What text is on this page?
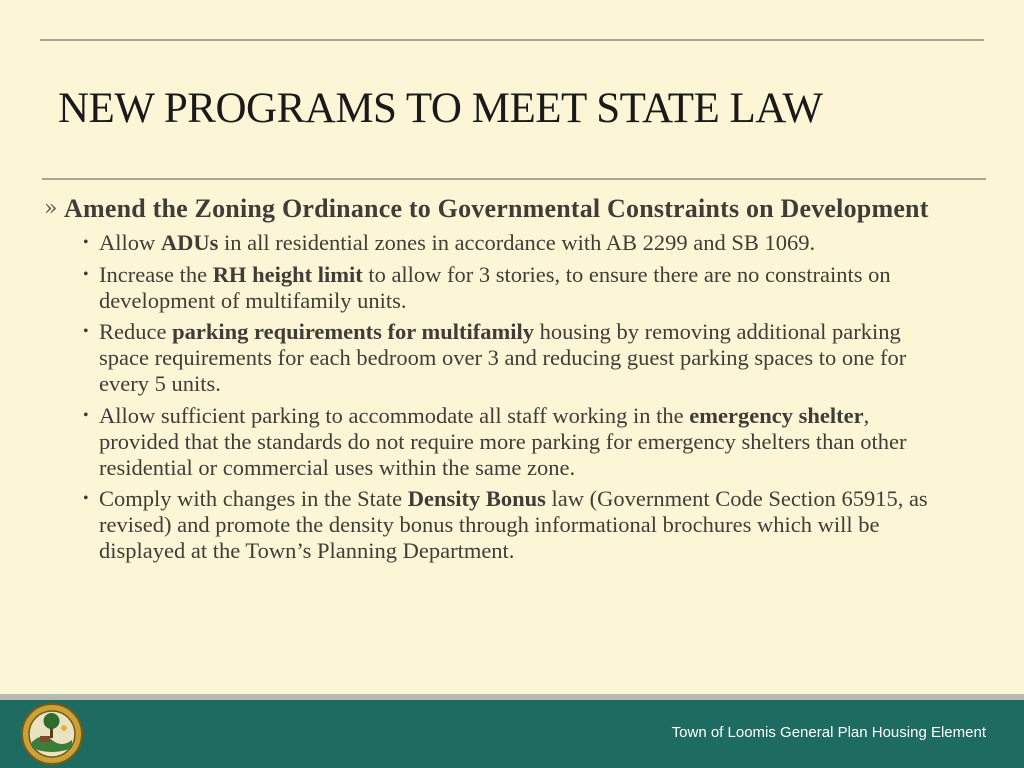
NEW PROGRAMS TO MEET STATE LAW
» Amend the Zoning Ordinance to Governmental Constraints on Development
• Allow ADUs in all residential zones in accordance with AB 2299 and SB 1069.
• Increase the RH height limit to allow for 3 stories, to ensure there are no constraints on development of multifamily units.
• Reduce parking requirements for multifamily housing by removing additional parking space requirements for each bedroom over 3 and reducing guest parking spaces to one for every 5 units.
• Allow sufficient parking to accommodate all staff working in the emergency shelter, provided that the standards do not require more parking for emergency shelters than other residential or commercial uses within the same zone.
• Comply with changes in the State Density Bonus law (Government Code Section 65915, as revised) and promote the density bonus through informational brochures which will be displayed at the Town’s Planning Department.
Town of Loomis General Plan Housing Element
